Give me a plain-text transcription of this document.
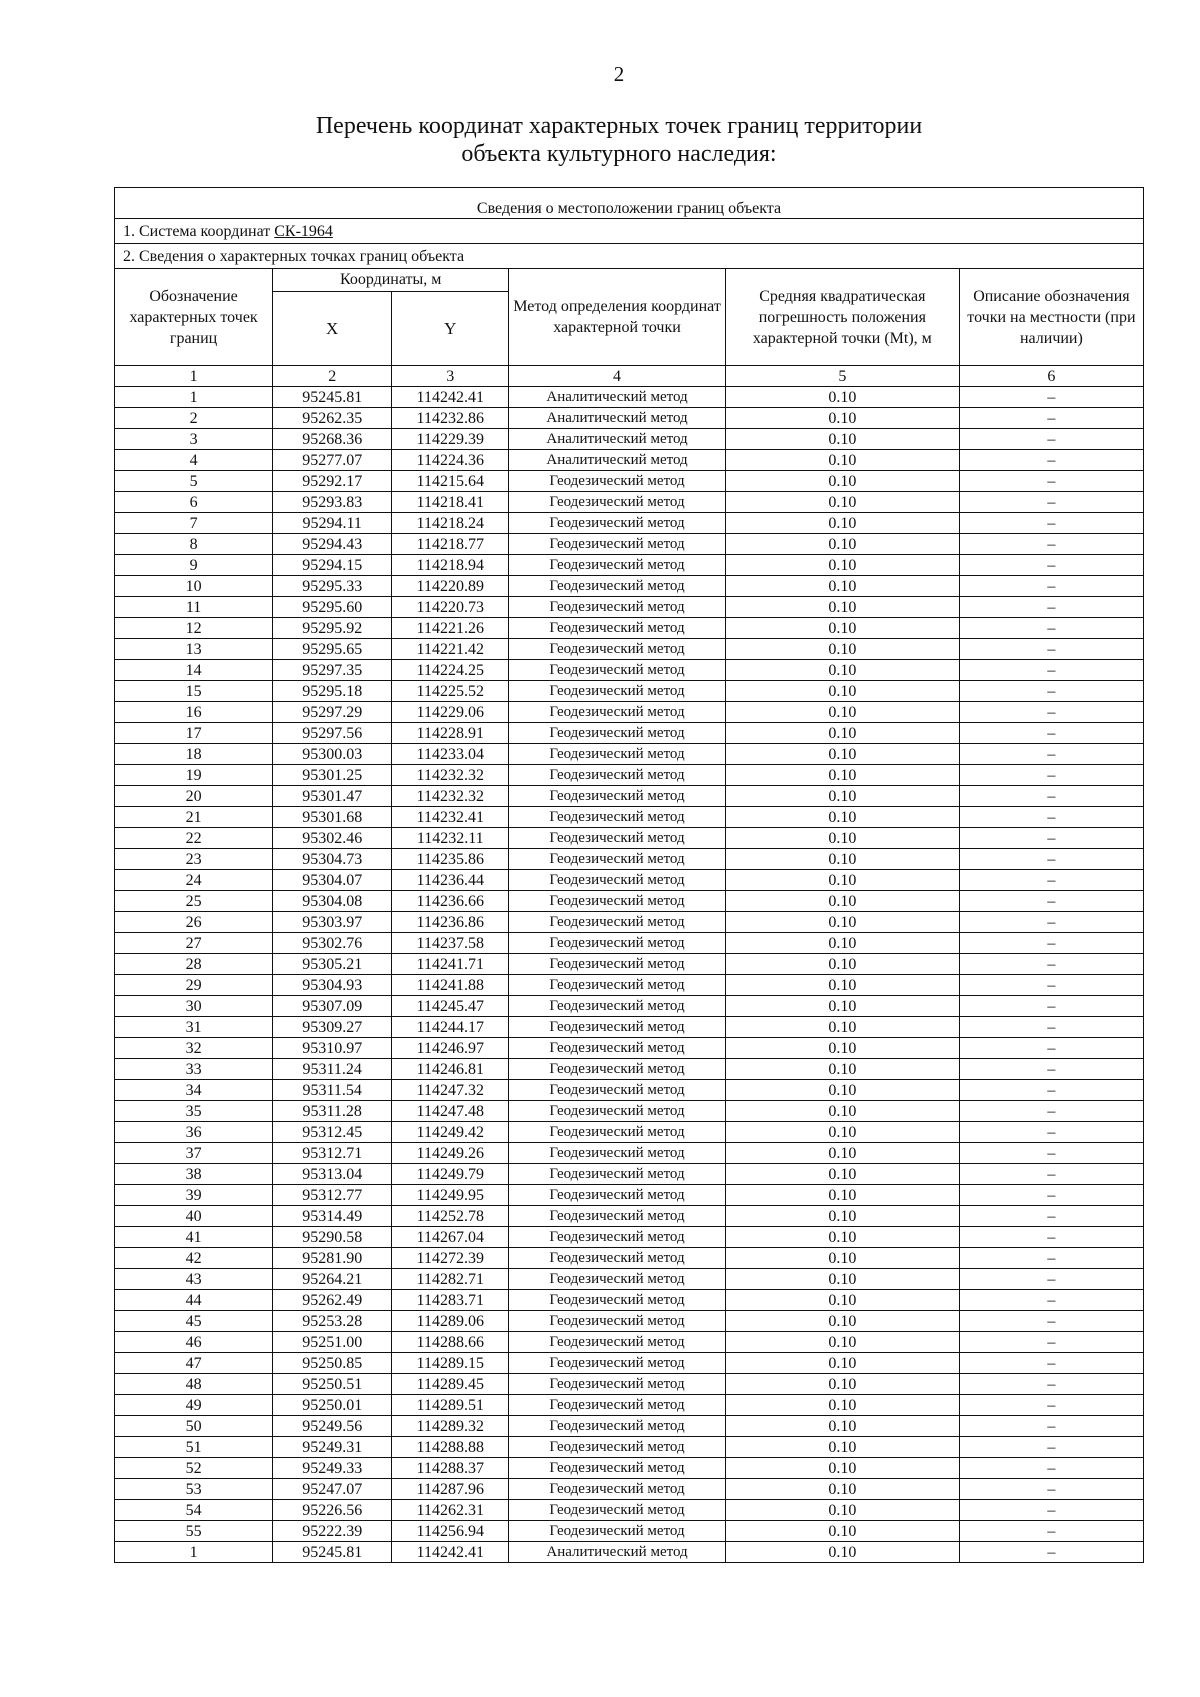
2
Перечень координат характерных точек границ территории
объекта культурного наследия:
Сведения о местоположении границ объекта					
1. Система координат СК-1964					
2. Сведения о характерных точках границ объекта					
Обозначение характерных точек границ	Координаты, м		Метод определения координат характерной точки	Средняя квадратическая погрешность положения характерной точки (Mt), м	Описание обозначения точки на местности (при наличии)
	X	Y			
1	2	3	4	5	6
1	95245.81	114242.41	Аналитический метод	0.10	–
2	95262.35	114232.86	Аналитический метод	0.10	–
3	95268.36	114229.39	Аналитический метод	0.10	–
4	95277.07	114224.36	Аналитический метод	0.10	–
5	95292.17	114215.64	Геодезический метод	0.10	–
6	95293.83	114218.41	Геодезический метод	0.10	–
7	95294.11	114218.24	Геодезический метод	0.10	–
8	95294.43	114218.77	Геодезический метод	0.10	–
9	95294.15	114218.94	Геодезический метод	0.10	–
10	95295.33	114220.89	Геодезический метод	0.10	–
11	95295.60	114220.73	Геодезический метод	0.10	–
12	95295.92	114221.26	Геодезический метод	0.10	–
13	95295.65	114221.42	Геодезический метод	0.10	–
14	95297.35	114224.25	Геодезический метод	0.10	–
15	95295.18	114225.52	Геодезический метод	0.10	–
16	95297.29	114229.06	Геодезический метод	0.10	–
17	95297.56	114228.91	Геодезический метод	0.10	–
18	95300.03	114233.04	Геодезический метод	0.10	–
19	95301.25	114232.32	Геодезический метод	0.10	–
20	95301.47	114232.32	Геодезический метод	0.10	–
21	95301.68	114232.41	Геодезический метод	0.10	–
22	95302.46	114232.11	Геодезический метод	0.10	–
23	95304.73	114235.86	Геодезический метод	0.10	–
24	95304.07	114236.44	Геодезический метод	0.10	–
25	95304.08	114236.66	Геодезический метод	0.10	–
26	95303.97	114236.86	Геодезический метод	0.10	–
27	95302.76	114237.58	Геодезический метод	0.10	–
28	95305.21	114241.71	Геодезический метод	0.10	–
29	95304.93	114241.88	Геодезический метод	0.10	–
30	95307.09	114245.47	Геодезический метод	0.10	–
31	95309.27	114244.17	Геодезический метод	0.10	–
32	95310.97	114246.97	Геодезический метод	0.10	–
33	95311.24	114246.81	Геодезический метод	0.10	–
34	95311.54	114247.32	Геодезический метод	0.10	–
35	95311.28	114247.48	Геодезический метод	0.10	–
36	95312.45	114249.42	Геодезический метод	0.10	–
37	95312.71	114249.26	Геодезический метод	0.10	–
38	95313.04	114249.79	Геодезический метод	0.10	–
39	95312.77	114249.95	Геодезический метод	0.10	–
40	95314.49	114252.78	Геодезический метод	0.10	–
41	95290.58	114267.04	Геодезический метод	0.10	–
42	95281.90	114272.39	Геодезический метод	0.10	–
43	95264.21	114282.71	Геодезический метод	0.10	–
44	95262.49	114283.71	Геодезический метод	0.10	–
45	95253.28	114289.06	Геодезический метод	0.10	–
46	95251.00	114288.66	Геодезический метод	0.10	–
47	95250.85	114289.15	Геодезический метод	0.10	–
48	95250.51	114289.45	Геодезический метод	0.10	–
49	95250.01	114289.51	Геодезический метод	0.10	–
50	95249.56	114289.32	Геодезический метод	0.10	–
51	95249.31	114288.88	Геодезический метод	0.10	–
52	95249.33	114288.37	Геодезический метод	0.10	–
53	95247.07	114287.96	Геодезический метод	0.10	–
54	95226.56	114262.31	Геодезический метод	0.10	–
55	95222.39	114256.94	Геодезический метод	0.10	–
1	95245.81	114242.41	Аналитический метод	0.10	–
